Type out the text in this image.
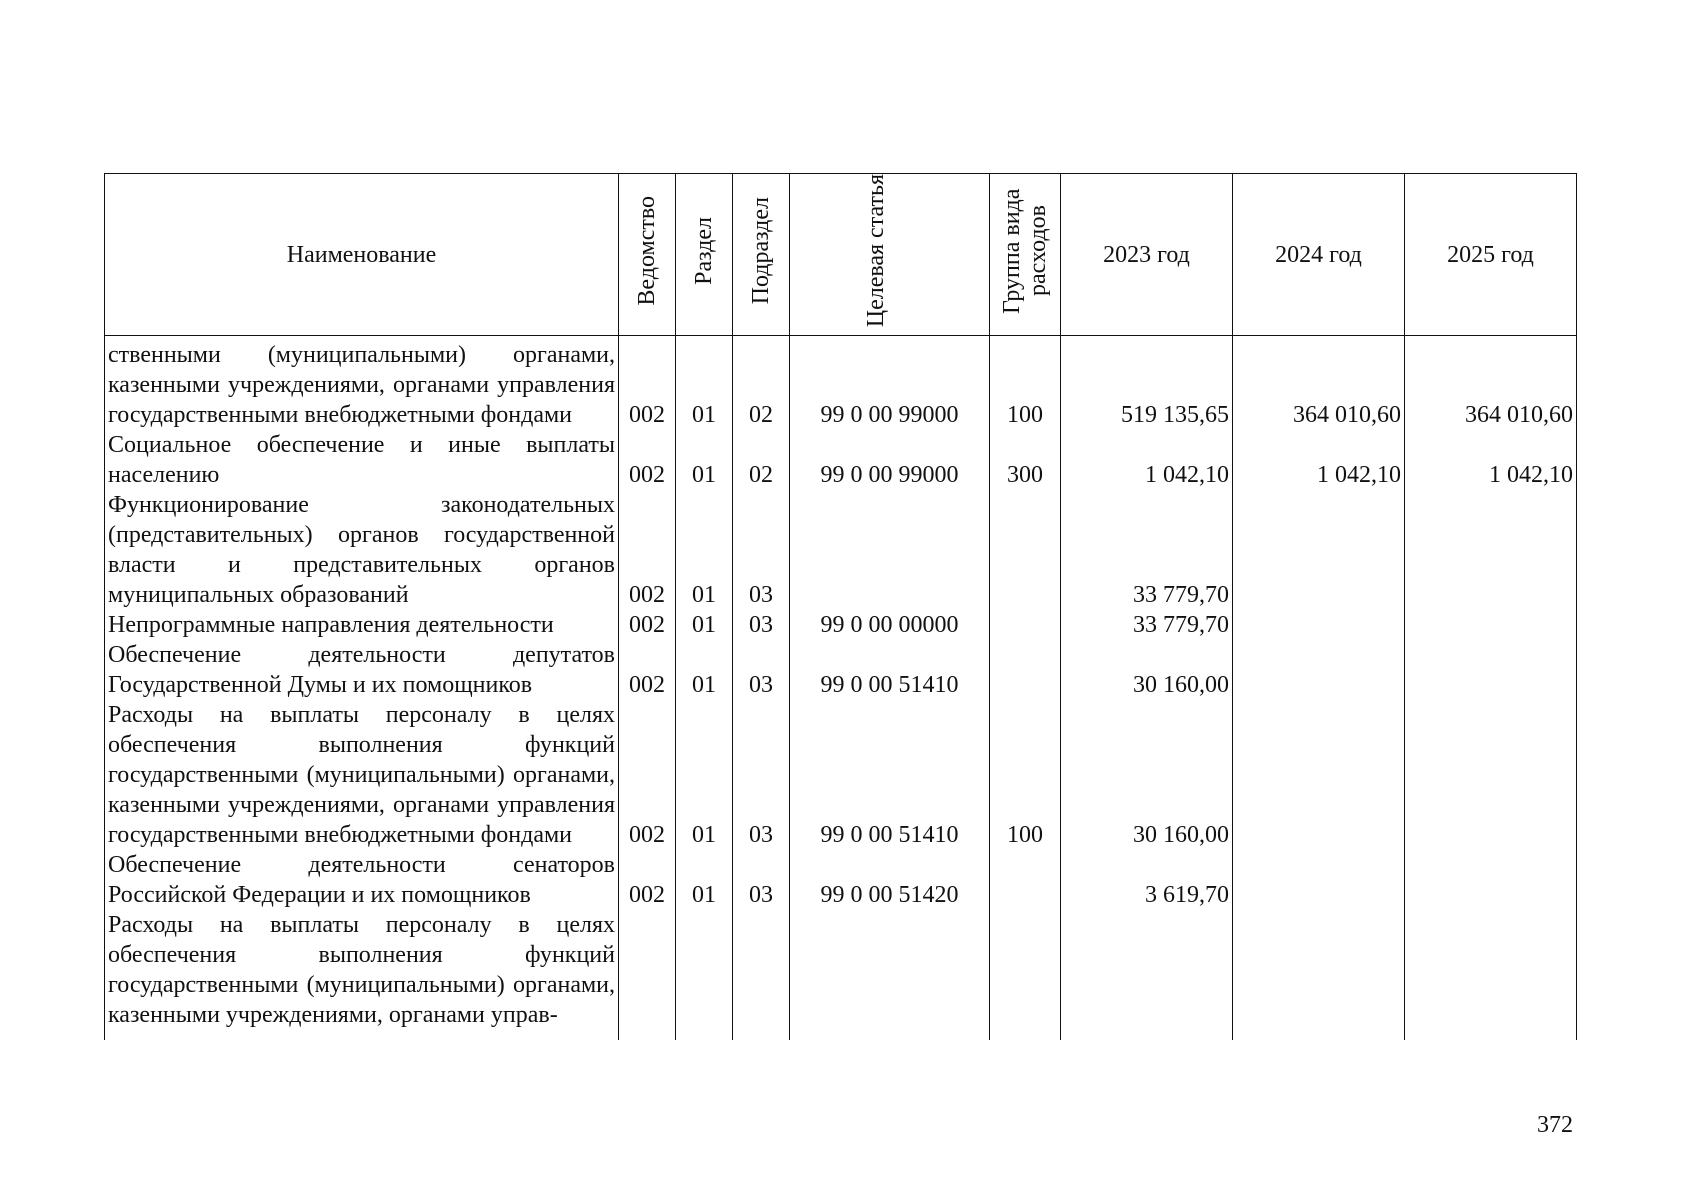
Наименование	Ведомство	Раздел	Подраздел	Целевая статья	Группа вида расходов	2023 год	2024 год	2025 год
ственными (муниципальными) органами, казенными учреждениями, органами управления государственными внебюджетными фондами	002	01	02	99 0 00 99000	100	519 135,65	364 010,60	364 010,60
Социальное обеспечение и иные выплаты населению	002	01	02	99 0 00 99000	300	1 042,10	1 042,10	1 042,10
Функционирование законодательных (представительных) органов государственной власти и представительных органов муниципальных образований	002	01	03			33 779,70		
Непрограммные направления деятельности	002	01	03	99 0 00 00000		33 779,70		
Обеспечение деятельности депутатов Государственной Думы и их помощников	002	01	03	99 0 00 51410		30 160,00		
Расходы на выплаты персоналу в целях обеспечения выполнения функций государственными (муниципальными) органами, казенными учреждениями, органами управления государственными внебюджетными фондами	002	01	03	99 0 00 51410	100	30 160,00		
Обеспечение деятельности сенаторов Российской Федерации и их помощников	002	01	03	99 0 00 51420		3 619,70		
Расходы на выплаты персоналу в целях обеспечения выполнения функций государственными (муниципальными) органами, казенными учреждениями, органами управ-								

372
